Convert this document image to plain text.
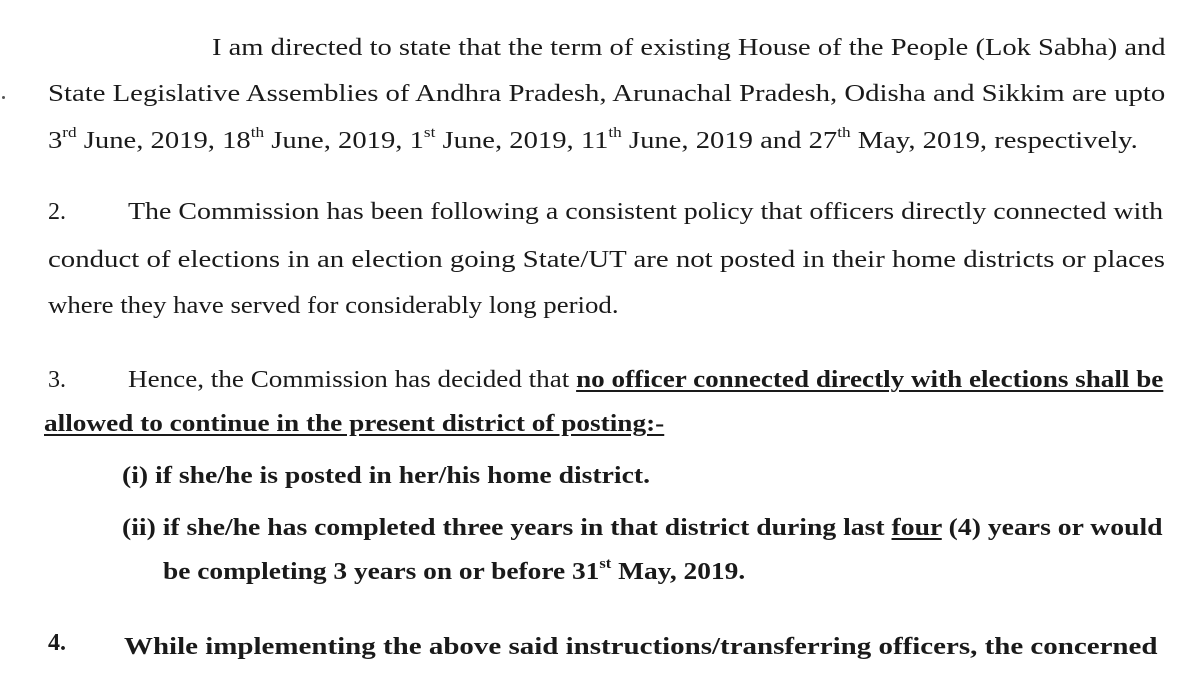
I am directed to state that the term of existing House of the People (Lok Sabha) and

State Legislative Assemblies of Andhra Pradesh, Arunachal Pradesh, Odisha and Sikkim are upto

3rd June, 2019, 18th June, 2019, 1st June, 2019, 11th June, 2019 and 27th May, 2019, respectively.

2.	The Commission has been following a consistent policy that officers directly connected with

conduct of elections in an election going State/UT are not posted in their home districts or places

where they have served for considerably long period.

3.	Hence, the Commission has decided that no officer connected directly with elections shall be

allowed to continue in the present district of posting:-

(i) if she/he is posted in her/his home district.

(ii) if she/he has completed three years in that district during last four (4) years or would

be completing 3 years on or before 31st May, 2019.

4. While implementing the above said instructions/transferring officers, the concerned
